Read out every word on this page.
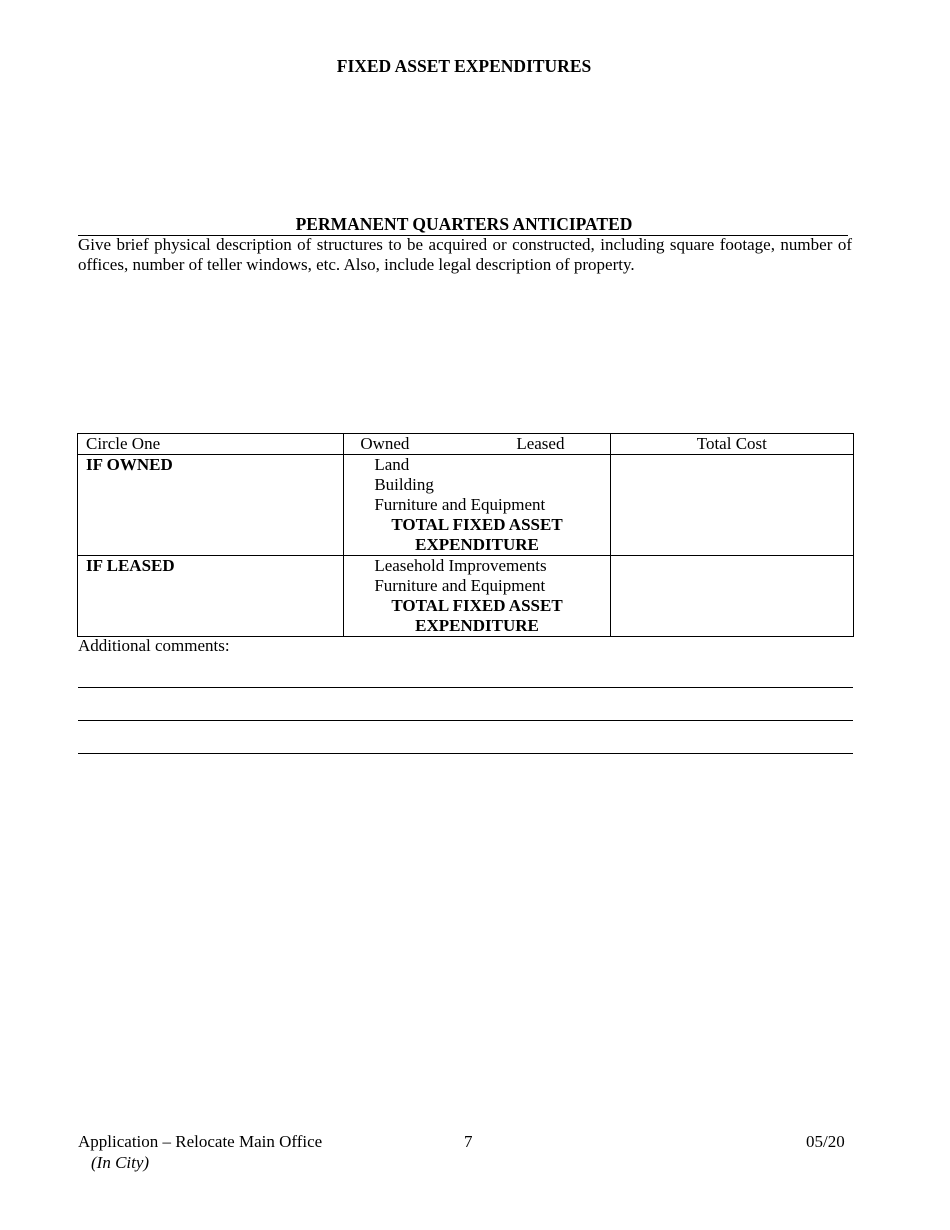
FIXED ASSET EXPENDITURES
PERMANENT QUARTERS ANTICIPATED
Give brief physical description of structures to be acquired or constructed, including square footage, number of offices, number of teller windows, etc. Also, include legal description of property.
Circle One	Owned Leased	Total Cost
IF OWNED	Land
Building
Furniture and Equipment
TOTAL FIXED ASSET
EXPENDITURE	

IF LEASED	Leasehold Improvements
Furniture and Equipment
TOTAL FIXED ASSET
EXPENDITURE	

Additional comments:
Application – Relocate Main Office
(In City)
7	05/20
